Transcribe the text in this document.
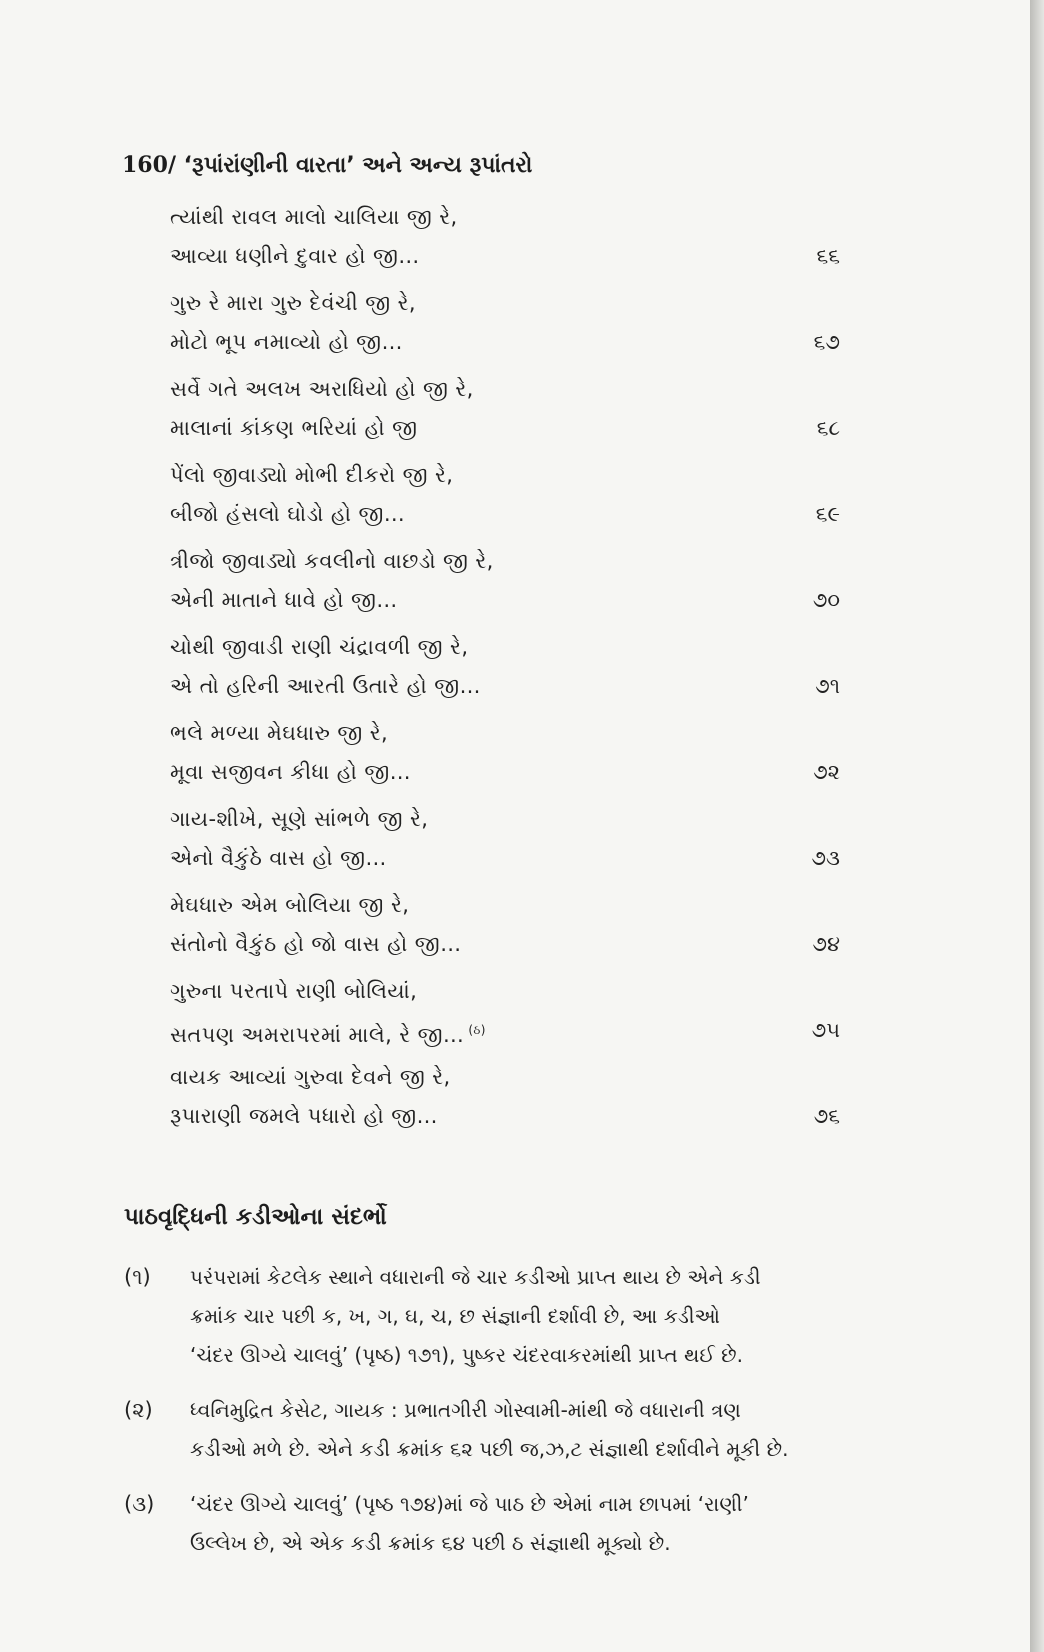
160/ ‘રૂપાંરાંણીની વારતા’ અને અન્ય રૂપાંતરો
ત્યાંથી રાવલ માલો ચાલિયા જી રે,
આવ્યા ધણીને દુવાર હો જી…	૬૬
ગુરુ રે મારા ગુરુ દેવંચી જી રે,
મોટો ભૂપ નમાવ્યો હો જી…	૬૭
સર્વે ગતે અલખ અરાધિયો હો જી રે,
માલાનાં કાંકણ ભરિયાં હો જી	૬૮
પેંલો જીવાડ્યો મોભી દીકરો જી રે,
બીજો હંસલો ઘોડો હો જી…	૬૯
ત્રીજો જીવાડ્યો કવલીનો વાછડો જી રે,
એની માતાને ધાવે હો જી…	૭૦
ચોથી જીવાડી રાણી ચંદ્રાવળી જી રે,
એ તો હરિની આરતી ઉતારે હો જી…	૭૧
ભલે મળ્યા મેઘધારુ જી રે,
મૂવા સજીવન કીધા હો જી…	૭૨
ગાય-શીખે, સૂણે સાંભળે જી રે,
એનો વૈકુંઠે વાસ હો જી…	૭૩
મેઘધારુ એમ બોલિયા જી રે,
સંતોનો વૈકુંઠ હો જો વાસ હો જી…	૭૪
ગુરુના પરતાપે રાણી બોલિયાં,
સતપણ અમરાપરમાં માલે, રે જી… $^{(ઠ)}$	૭૫
વાયક આવ્યાં ગુરુવા દેવને જી રે,
રૂપારાણી જમલે પધારો હો જી…	૭૬
પાઠવૃદ્ધિની કડીઓના સંદર્ભો
(૧) પરંપરામાં કેટલેક સ્થાને વધારાની જે ચાર કડીઓ પ્રાપ્ત થાય છે એને કડી
ક્રમાંક ચાર પછી ક, ખ, ગ, ઘ, ચ, છ સંજ્ઞાની દર્શાવી છે, આ કડીઓ
‘ચંદર ઊગ્યે ચાલવું’ (પૃષ્ઠ) ૧૭૧), પુષ્કર ચંદરવાકરમાંથી પ્રાપ્ત થઈ છે.
(૨) ધ્વનિમુદ્રિત કેસેટ, ગાયક : પ્રભાતગીરી ગોસ્વામી-માંથી જે વધારાની ત્રણ
કડીઓ મળે છે. એને કડી ક્રમાંક ૬૨ પછી જ,ઝ,ટ સંજ્ઞાથી દર્શાવીને મૂકી છે.
(૩) ‘ચંદર ઊગ્યે ચાલવું’ (પૃષ્ઠ ૧૭૪)માં જે પાઠ છે એમાં નામ છાપમાં ‘રાણી’
ઉલ્લેખ છે, એ એક કડી ક્રમાંક ૬૪ પછી ઠ સંજ્ઞાથી મૂક્યો છે.
